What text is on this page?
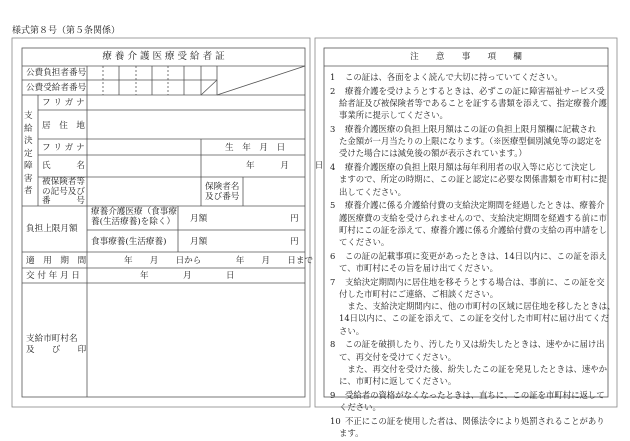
様式第８号（第５条関係）
療 養 介 護 医 療 受 給 者 証
公費負担者番号
公費受給者番号
支
給
決
定
障
害
者
フ リ ガ ナ
居　住　地
フ リ ガ ナ	生　年　月　日
氏　　　名	年　　　月　　　日
被保険者等
の記号及び
番　　　号
保険者名
及び番号
負担上限月額
療養介護医療（食事療
養(生活療養)を除く） 月額	円
食事療養(生活療養)	月額	円
適　用　期　間	年　　月　　日から　　　　年　　月　　日まで
交 付 年 月 日	年　　　　月　　　　日
支給市町村名
及　　び　　印
注　　意　　事　　項　　欄
1 この証は、各面をよく読んで大切に持っていてください。
2 療養介護を受けようとするときは、必ずこの証に障害福祉サービス受
給者証及び被保険者等であることを証する書類を添えて、指定療養介護
事業所に提示してください。
3 療養介護医療の負担上限月額はこの証の負担上限月額欄に記載され
た金額が一月当たりの上限になります。（※医療型個別減免等の認定を
受けた場合には減免後の額が表示されています。）
4 療養介護医療の負担上限月額は毎年利用者の収入等に応じて決定し
ますので、所定の時期に、この証と認定に必要な関係書類を市町村に提
出してください。
5 療養介護に係る介護給付費の支給決定期間を経過したときは、療養介
護医療費の支給を受けられませんので、支給決定期間を経過する前に市
町村にこの証を添えて、療養介護に係る介護給付費の支給の再申請をし
てください。
6 この証の記載事項に変更があったときは、14日以内に、この証を添え
て、市町村にその旨を届け出てください。
7 支給決定期間内に居住地を移そうとする場合は、事前に、この証を交
付した市町村にご連絡、ご相談ください。
　また、支給決定期間内に、他の市町村の区域に居住地を移したときは、
14日以内に、この証を添えて、この証を交付した市町村に届け出てくだ
さい。
8 この証を破損したり、汚したり又は紛失したときは、速やかに届け出
て、再交付を受けてください。
　また、再交付を受けた後、紛失したこの証を発見したときは、速やか
に、市町村に返してください。
9 受給者の資格がなくなったときは、直ちに、この証を市町村に返して
ください。
10 不正にこの証を使用した者は、関係法令により処罰されることがあり
ます。
